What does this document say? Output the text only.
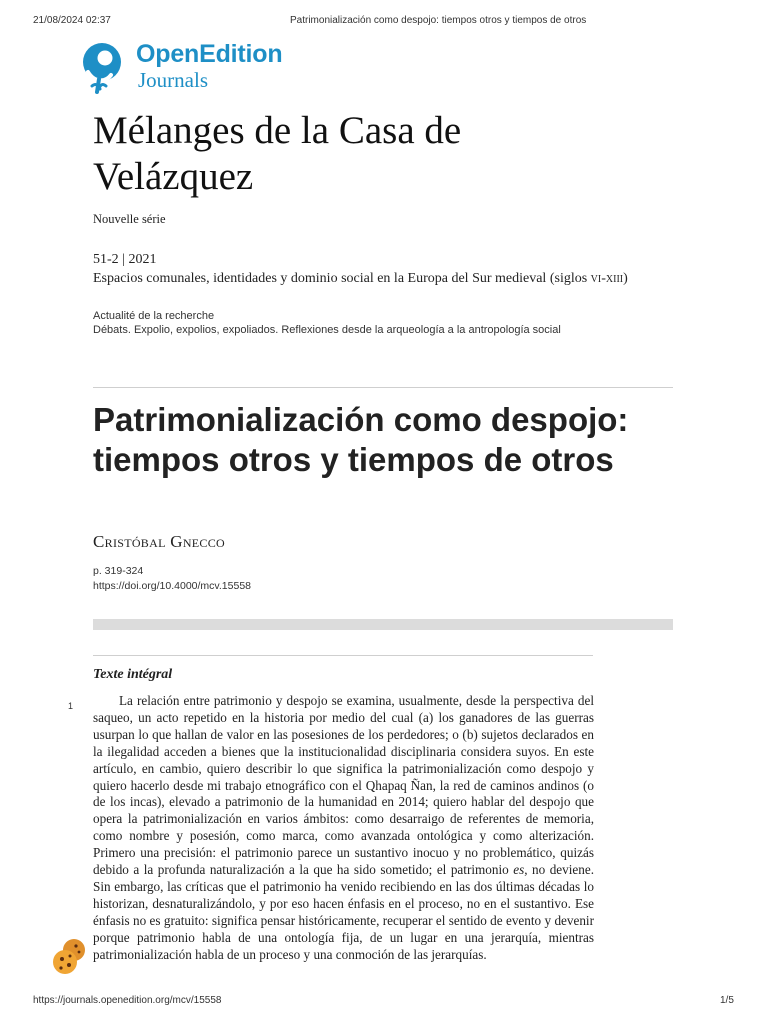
21/08/2024 02:37	Patrimonialización como despojo: tiempos otros y tiempos de otros
OpenEdition
Journals
Mélanges de la Casa de Velázquez
Nouvelle série
51-2 | 2021
Espacios comunales, identidades y dominio social en la Europa del Sur medieval (siglos vi-xiii)
Actualité de la recherche
Débats. Expolio, expolios, expoliados. Reflexiones desde la arqueología a la antropología social
Patrimonialización como despojo: tiempos otros y tiempos de otros
Cristóbal Gnecco
p. 319-324
https://doi.org/10.4000/mcv.15558
Texte intégral
1	La relación entre patrimonio y despojo se examina, usualmente, desde la perspectiva del saqueo, un acto repetido en la historia por medio del cual (a) los ganadores de las guerras usurpan lo que hallan de valor en las posesiones de los perdedores; o (b) sujetos declarados en la ilegalidad acceden a bienes que la institucionalidad disciplinaria considera suyos. En este artículo, en cambio, quiero describir lo que significa la patrimonialización como despojo y quiero hacerlo desde mi trabajo etnográfico con el Qhapaq Ñan, la red de caminos andinos (o de los incas), elevado a patrimonio de la humanidad en 2014; quiero hablar del despojo que opera la patrimonialización en varios ámbitos: como desarraigo de referentes de memoria, como nombre y posesión, como marca, como avanzada ontológica y como alterización. Primero una precisión: el patrimonio parece un sustantivo inocuo y no problemático, quizás debido a la profunda naturalización a la que ha sido sometido; el patrimonio es, no deviene. Sin embargo, las críticas que el patrimonio ha venido recibiendo en las dos últimas décadas lo historizan, desnaturalizándolo, y por eso hacen énfasis en el proceso, no en el sustantivo. Ese énfasis no es gratuito: significa pensar históricamente, recuperar el sentido de evento y devenir porque patrimonio habla de una ontología fija, de un lugar en una jerarquía, mientras patrimonialización habla de un proceso y una conmoción de las jerarquías.
https://journals.openedition.org/mcv/15558	1/5
